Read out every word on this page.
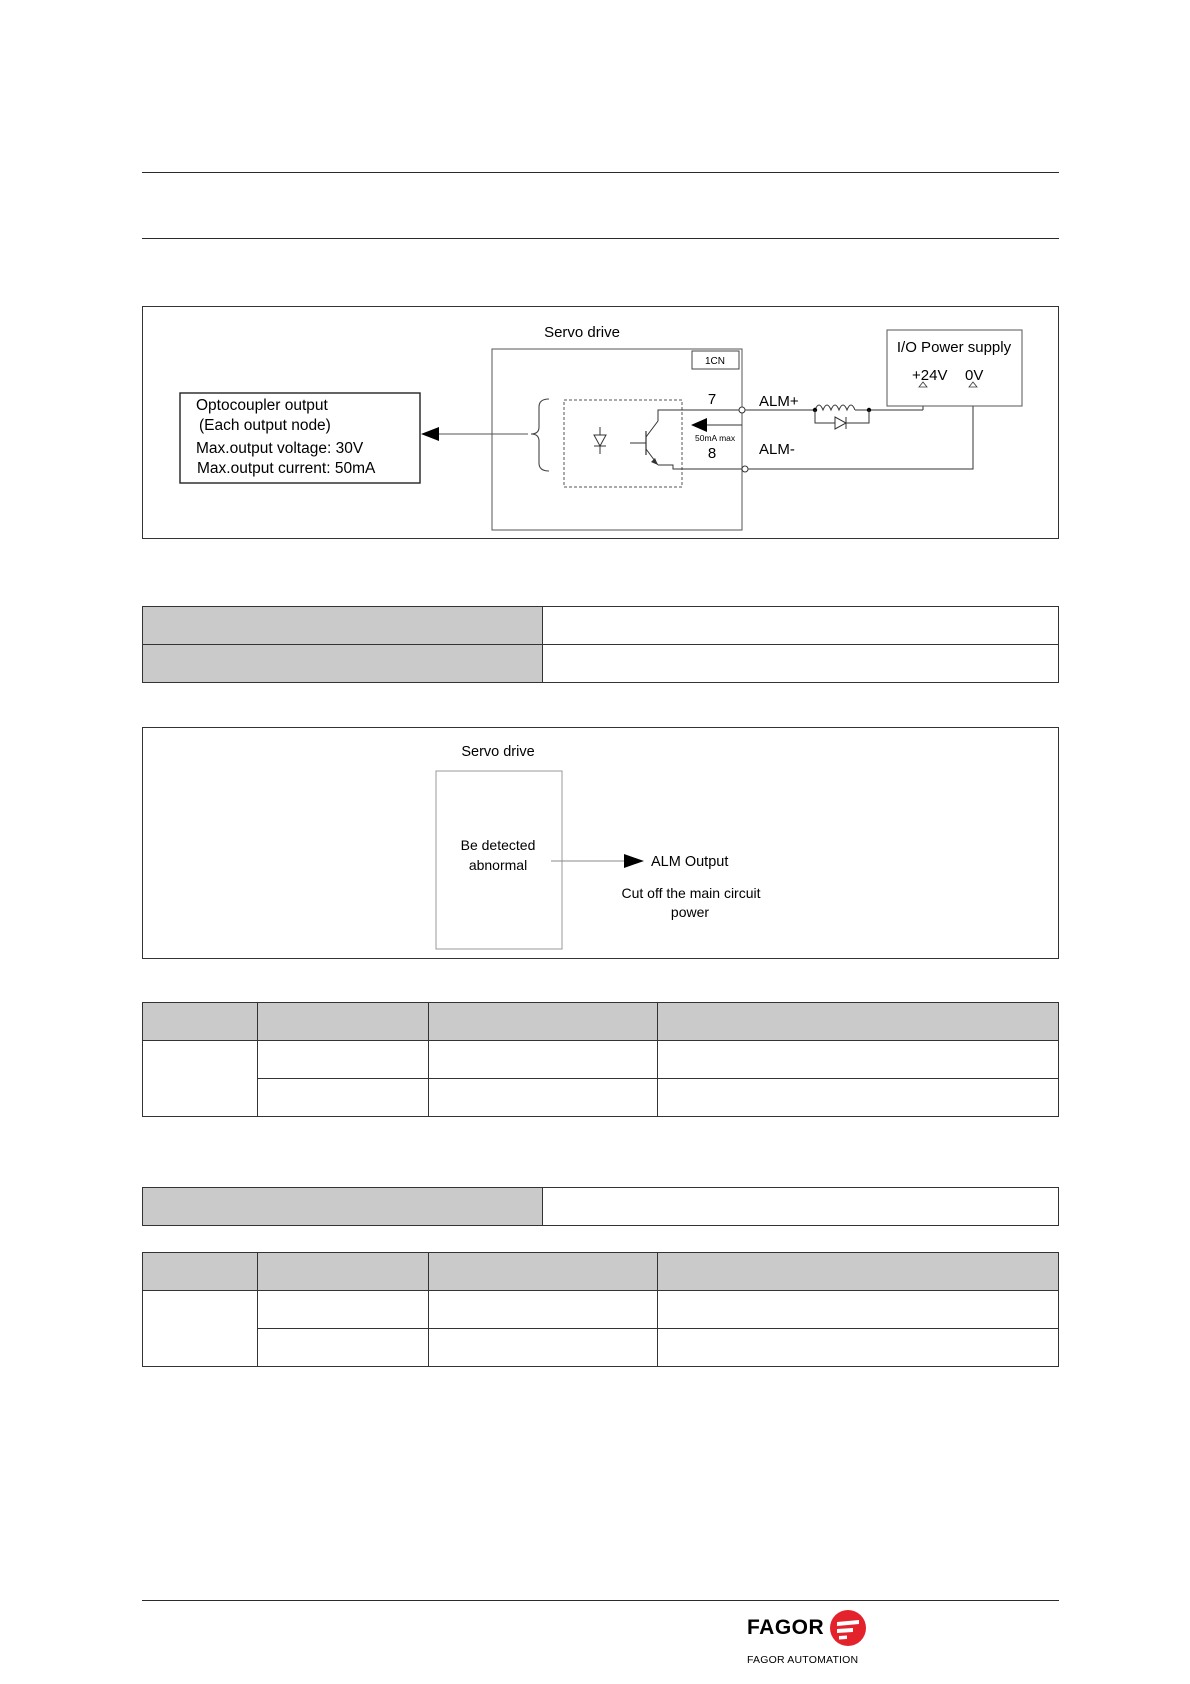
Servo drive
1CN
Optocoupler output
(Each output node)
Max.output voltage: 30V
Max.output current: 50mA
7
8
50mA max
ALM+
ALM-
I/O Power supply
+24V 0V

Servo drive
Be detected
abnormal	ALM Output
Cut off the main circuit
power

FAGOR
FAGOR AUTOMATION
